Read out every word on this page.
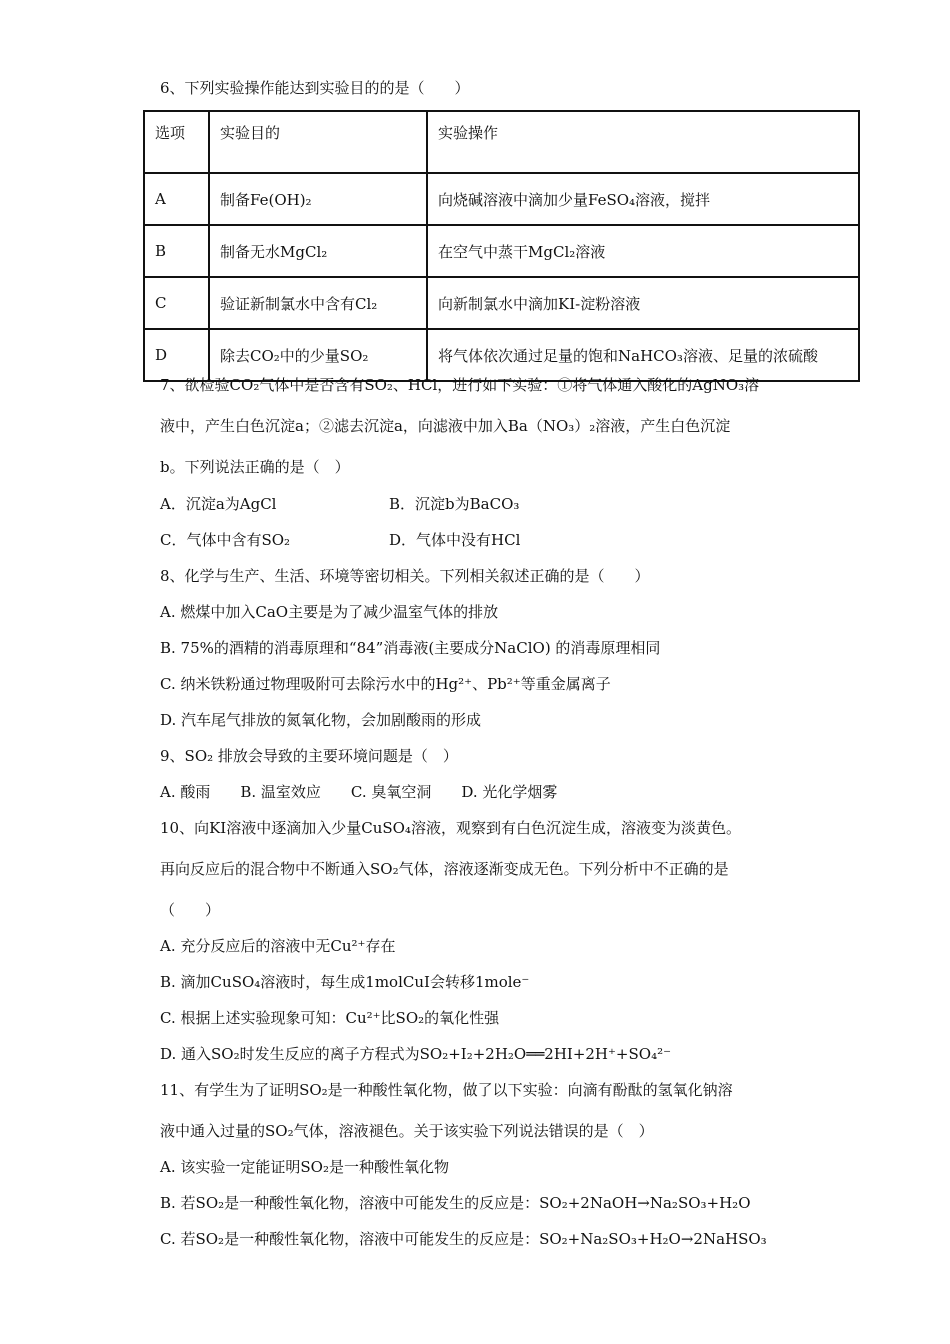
6、下列实验操作能达到实验目的的是（　　）
选项	实验目的	实验操作
A	制备Fe(OH)₂	向烧碱溶液中滴加少量FeSO₄溶液，搅拌
B	制备无水MgCl₂	在空气中蒸干MgCl₂溶液
C	验证新制氯水中含有Cl₂	向新制氯水中滴加KI-淀粉溶液
D	除去CO₂中的少量SO₂	将气体依次通过足量的饱和NaHCO₃溶液、足量的浓硫酸
7、欲检验CO₂气体中是否含有SO₂、HCl，进行如下实验：①将气体通入酸化的AgNO₃溶
液中，产生白色沉淀a；②滤去沉淀a，向滤液中加入Ba（NO₃）₂溶液，产生白色沉淀
b。下列说法正确的是（　）
A．沉淀a为AgCl	B．沉淀b为BaCO₃
C．气体中含有SO₂	D．气体中没有HCl
8、化学与生产、生活、环境等密切相关。下列相关叙述正确的是（　　）
A. 燃煤中加入CaO主要是为了减少温室气体的排放
B. 75%的酒精的消毒原理和“84”消毒液(主要成分NaClO) 的消毒原理相同
C. 纳米铁粉通过物理吸附可去除污水中的Hg²⁺、Pb²⁺等重金属离子
D. 汽车尾气排放的氮氧化物，会加剧酸雨的形成
9、SO₂ 排放会导致的主要环境问题是（　）
A. 酸雨　　B. 温室效应　　C. 臭氧空洞　　D. 光化学烟雾
10、向KI溶液中逐滴加入少量CuSO₄溶液，观察到有白色沉淀生成，溶液变为淡黄色。
再向反应后的混合物中不断通入SO₂气体，溶液逐渐变成无色。下列分析中不正确的是
（　　）
A. 充分反应后的溶液中无Cu²⁺存在
B. 滴加CuSO₄溶液时，每生成1molCuI会转移1mole⁻
C. 根据上述实验现象可知：Cu²⁺比SO₂的氧化性强
D. 通入SO₂时发生反应的离子方程式为SO₂+I₂+2H₂O══2HI+2H⁺+SO₄²⁻
11、有学生为了证明SO₂是一种酸性氧化物，做了以下实验：向滴有酚酞的氢氧化钠溶
液中通入过量的SO₂气体，溶液褪色。关于该实验下列说法错误的是（　）
A. 该实验一定能证明SO₂是一种酸性氧化物
B. 若SO₂是一种酸性氧化物，溶液中可能发生的反应是：SO₂+2NaOH→Na₂SO₃+H₂O
C. 若SO₂是一种酸性氧化物，溶液中可能发生的反应是：SO₂+Na₂SO₃+H₂O→2NaHSO₃
